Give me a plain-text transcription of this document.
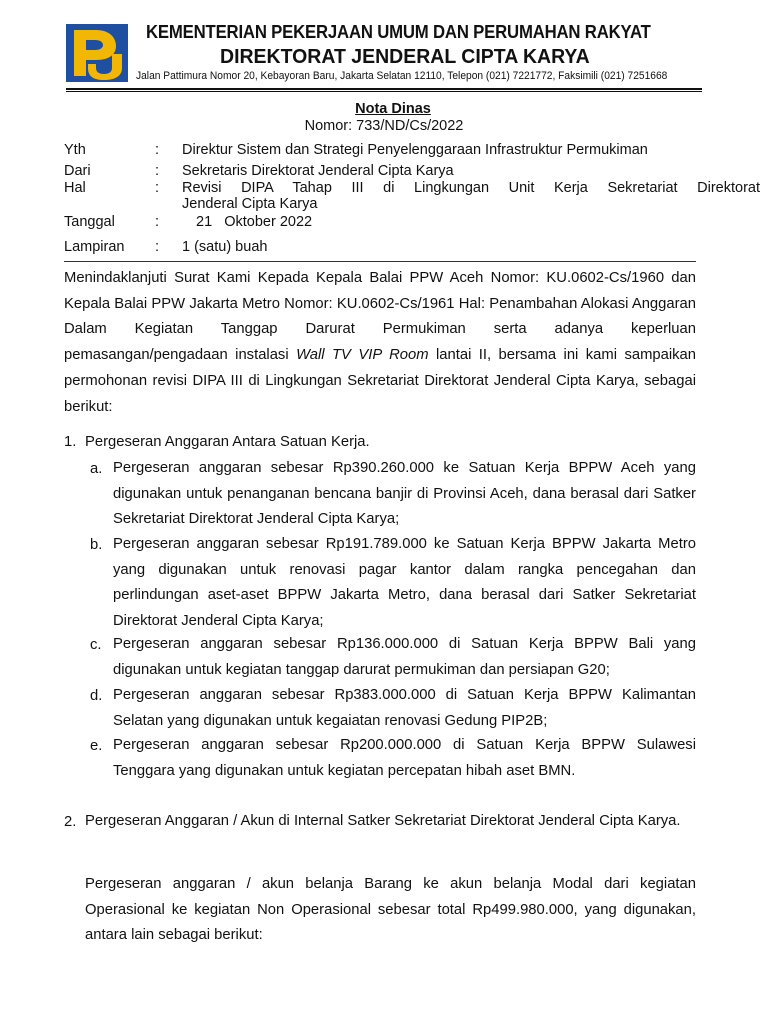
KEMENTERIAN PEKERJAAN UMUM DAN PERUMAHAN RAKYAT
DIREKTORAT JENDERAL CIPTA KARYA
Jalan Pattimura Nomor 20, Kebayoran Baru, Jakarta Selatan 12110, Telepon (021) 7221772, Faksimili (021) 7251668
Nota Dinas
Nomor: 733/ND/Cs/2022
Yth	: Direktur Sistem dan Strategi Penyelenggaraan Infrastruktur Permukiman
Dari	: Sekretaris Direktorat Jenderal Cipta Karya
Hal	: Revisi DIPA Tahap III di Lingkungan Unit Kerja Sekretariat Direktorat
Jenderal Cipta Karya
Tanggal	:	21   Oktober 2022
Lampiran	: 1 (satu) buah

Menindaklanjuti Surat Kami Kepada Kepala Balai PPW Aceh Nomor: KU.0602-Cs/1960 dan Kepala Balai PPW Jakarta Metro Nomor: KU.0602-Cs/1961 Hal: Penambahan Alokasi Anggaran Dalam Kegiatan Tanggap Darurat Permukiman serta adanya keperluan pemasangan/pengadaan instalasi Wall TV VIP Room lantai II, bersama ini kami sampaikan permohonan revisi DIPA III di Lingkungan Sekretariat Direktorat Jenderal Cipta Karya, sebagai berikut:

1. Pergeseran Anggaran Antara Satuan Kerja.
a. Pergeseran anggaran sebesar Rp390.260.000 ke Satuan Kerja BPPW Aceh yang digunakan untuk penanganan bencana banjir di Provinsi Aceh, dana berasal dari Satker Sekretariat Direktorat Jenderal Cipta Karya;

b. Pergeseran anggaran sebesar Rp191.789.000 ke Satuan Kerja BPPW Jakarta Metro yang digunakan untuk renovasi pagar kantor dalam rangka pencegahan dan perlindungan aset-aset BPPW Jakarta Metro, dana berasal dari Satker Sekretariat Direktorat Jenderal Cipta Karya;

c. Pergeseran anggaran sebesar Rp136.000.000 di Satuan Kerja BPPW Bali yang digunakan untuk kegiatan tanggap darurat permukiman dan persiapan G20;

d. Pergeseran anggaran sebesar Rp383.000.000 di Satuan Kerja BPPW Kalimantan Selatan yang digunakan untuk kegaiatan renovasi Gedung PIP2B;

e. Pergeseran anggaran sebesar Rp200.000.000 di Satuan Kerja BPPW Sulawesi Tenggara yang digunakan untuk kegiatan percepatan hibah aset BMN.

2. Pergeseran Anggaran / Akun di Internal Satker Sekretariat Direktorat Jenderal Cipta Karya.

Pergeseran anggaran / akun belanja Barang ke akun belanja Modal dari kegiatan Operasional ke kegiatan Non Operasional sebesar total Rp499.980.000, yang digunakan, antara lain sebagai berikut:
